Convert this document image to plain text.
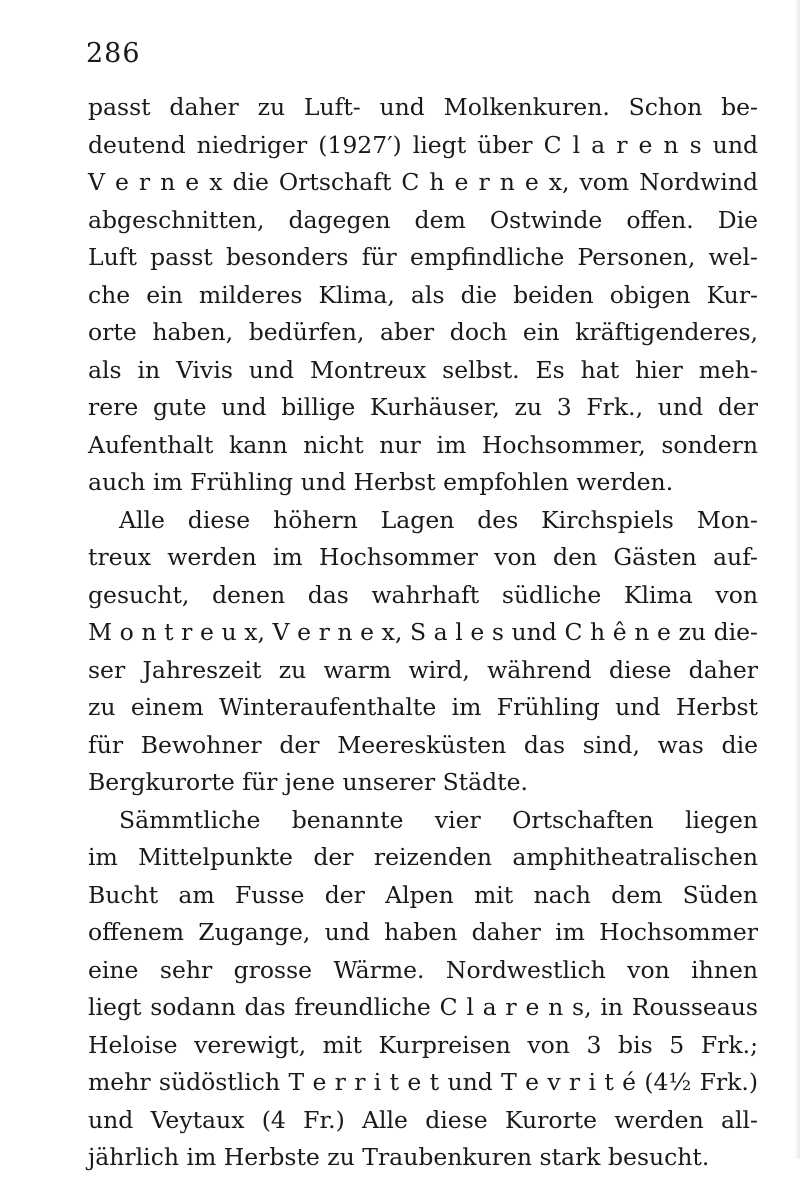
286
passt daher zu Luft- und Molkenkuren. Schon be-
deutend niedriger (1927′) liegt über C l a r e n s und
V e r n e x die Ortschaft C h e r n e x, vom Nordwind
abgeschnitten, dagegen dem Ostwinde offen. Die
Luft passt besonders für empfindliche Personen, wel-
che ein milderes Klima, als die beiden obigen Kur-
orte haben, bedürfen, aber doch ein kräftigenderes,
als in Vivis und Montreux selbst. Es hat hier meh-
rere gute und billige Kurhäuser, zu 3 Frk., und der
Aufenthalt kann nicht nur im Hochsommer, sondern
auch im Frühling und Herbst empfohlen werden.
Alle diese höhern Lagen des Kirchspiels Mon-
treux werden im Hochsommer von den Gästen auf-
gesucht, denen das wahrhaft südliche Klima von
M o n t r e u x, V e r n e x, S a l e s und C h ê n e zu die-
ser Jahreszeit zu warm wird, während diese daher
zu einem Winteraufenthalte im Frühling und Herbst
für Bewohner der Meeresküsten das sind, was die
Bergkurorte für jene unserer Städte.
Sämmtliche benannte vier Ortschaften liegen
im Mittelpunkte der reizenden amphitheatralischen
Bucht am Fusse der Alpen mit nach dem Süden
offenem Zugange, und haben daher im Hochsommer
eine sehr grosse Wärme. Nordwestlich von ihnen
liegt sodann das freundliche C l a r e n s, in Rousseaus
Heloise verewigt, mit Kurpreisen von 3 bis 5 Frk.;
mehr südöstlich T e r r i t e t und T e v r i t é (4½ Frk.)
und Veytaux (4 Fr.) Alle diese Kurorte werden all-
jährlich im Herbste zu Traubenkuren stark besucht.
